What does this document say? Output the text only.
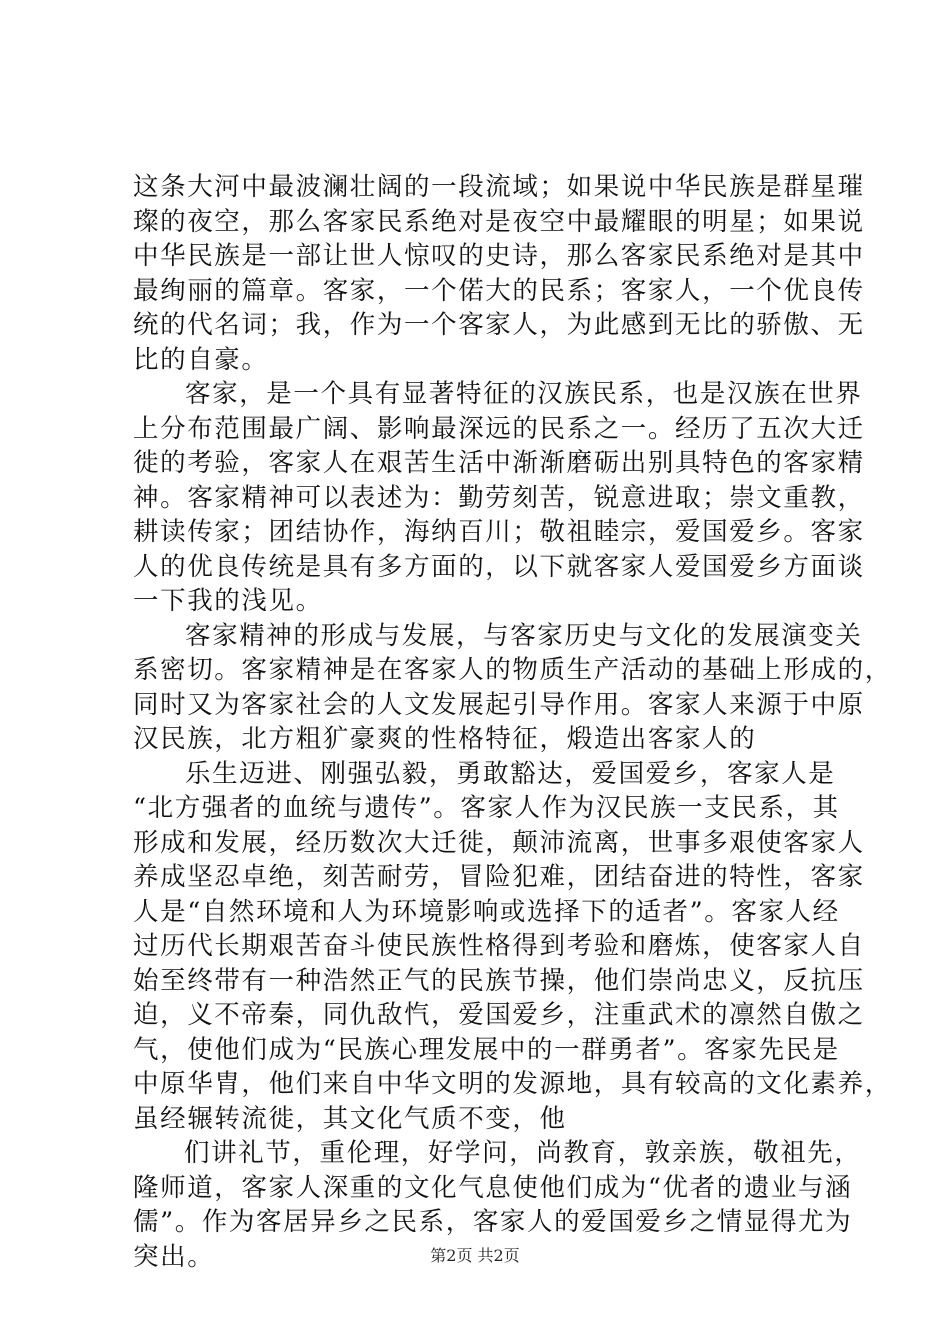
这条大河中最波澜壮阔的一段流域；如果说中华民族是群星璀
璨的夜空，那么客家民系绝对是夜空中最耀眼的明星；如果说
中华民族是一部让世人惊叹的史诗，那么客家民系绝对是其中
最绚丽的篇章。客家，一个偌大的民系；客家人，一个优良传
统的代名词；我，作为一个客家人，为此感到无比的骄傲、无
比的自豪。
客家，是一个具有显著特征的汉族民系，也是汉族在世界
上分布范围最广阔、影响最深远的民系之一。经历了五次大迁
徙的考验，客家人在艰苦生活中渐渐磨砺出别具特色的客家精
神。客家精神可以表述为：勤劳刻苦，锐意进取；崇文重教，
耕读传家；团结协作，海纳百川；敬祖睦宗，爱国爱乡。客家
人的优良传统是具有多方面的，以下就客家人爱国爱乡方面谈
一下我的浅见。
客家精神的形成与发展，与客家历史与文化的发展演变关
系密切。客家精神是在客家人的物质生产活动的基础上形成的，
同时又为客家社会的人文发展起引导作用。客家人来源于中原
汉民族，北方粗犷豪爽的性格特征，煅造出客家人的
乐生迈进、刚强弘毅，勇敢豁达，爱国爱乡，客家人是
“北方强者的血统与遗传”。客家人作为汉民族一支民系，其
形成和发展，经历数次大迁徙，颠沛流离，世事多艰使客家人
养成坚忍卓绝，刻苦耐劳，冒险犯难，团结奋进的特性，客家
人是“自然环境和人为环境影响或选择下的适者”。客家人经
过历代长期艰苦奋斗使民族性格得到考验和磨炼，使客家人自
始至终带有一种浩然正气的民族节操，他们崇尚忠义，反抗压
迫，义不帝秦，同仇敌忾，爱国爱乡，注重武术的凛然自傲之
气，使他们成为“民族心理发展中的一群勇者”。客家先民是
中原华胄，他们来自中华文明的发源地，具有较高的文化素养，
虽经辗转流徙，其文化气质不变，他
们讲礼节，重伦理，好学问，尚教育，敦亲族，敬祖先，
隆师道，客家人深重的文化气息使他们成为“优者的遗业与涵
儒”。作为客居异乡之民系，客家人的爱国爱乡之情显得尤为
突出。	第2页 共2页
